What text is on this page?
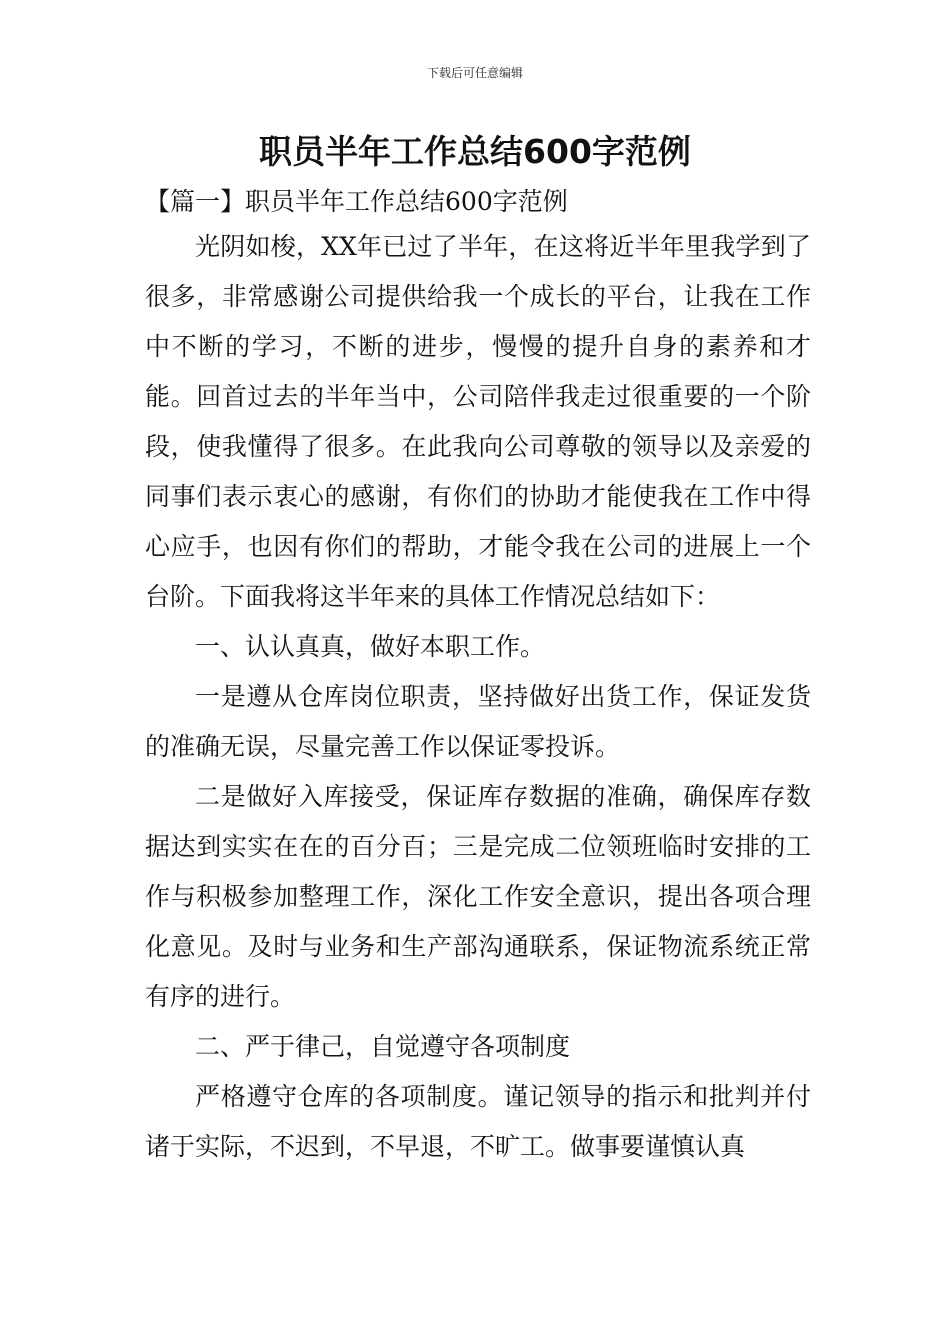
下载后可任意编辑
职员半年工作总结600字范例
【篇一】职员半年工作总结600字范例

光阴如梭，XX年已过了半年，在这将近半年里我学到了很多，非常感谢公司提供给我一个成长的平台，让我在工作中不断的学习，不断的进步，慢慢的提升自身的素养和才能。回首过去的半年当中，公司陪伴我走过很重要的一个阶段，使我懂得了很多。在此我向公司尊敬的领导以及亲爱的同事们表示衷心的感谢，有你们的协助才能使我在工作中得心应手，也因有你们的帮助，才能令我在公司的进展上一个台阶。下面我将这半年来的具体工作情况总结如下：

一、认认真真，做好本职工作。

一是遵从仓库岗位职责，坚持做好出货工作，保证发货的准确无误，尽量完善工作以保证零投诉。

二是做好入库接受，保证库存数据的准确，确保库存数据达到实实在在的百分百；三是完成二位领班临时安排的工作与积极参加整理工作，深化工作安全意识，提出各项合理化意见。及时与业务和生产部沟通联系，保证物流系统正常有序的进行。

二、严于律己，自觉遵守各项制度

严格遵守仓库的各项制度。谨记领导的指示和批判并付诸于实际，不迟到，不早退，不旷工。做事要谨慎认真
